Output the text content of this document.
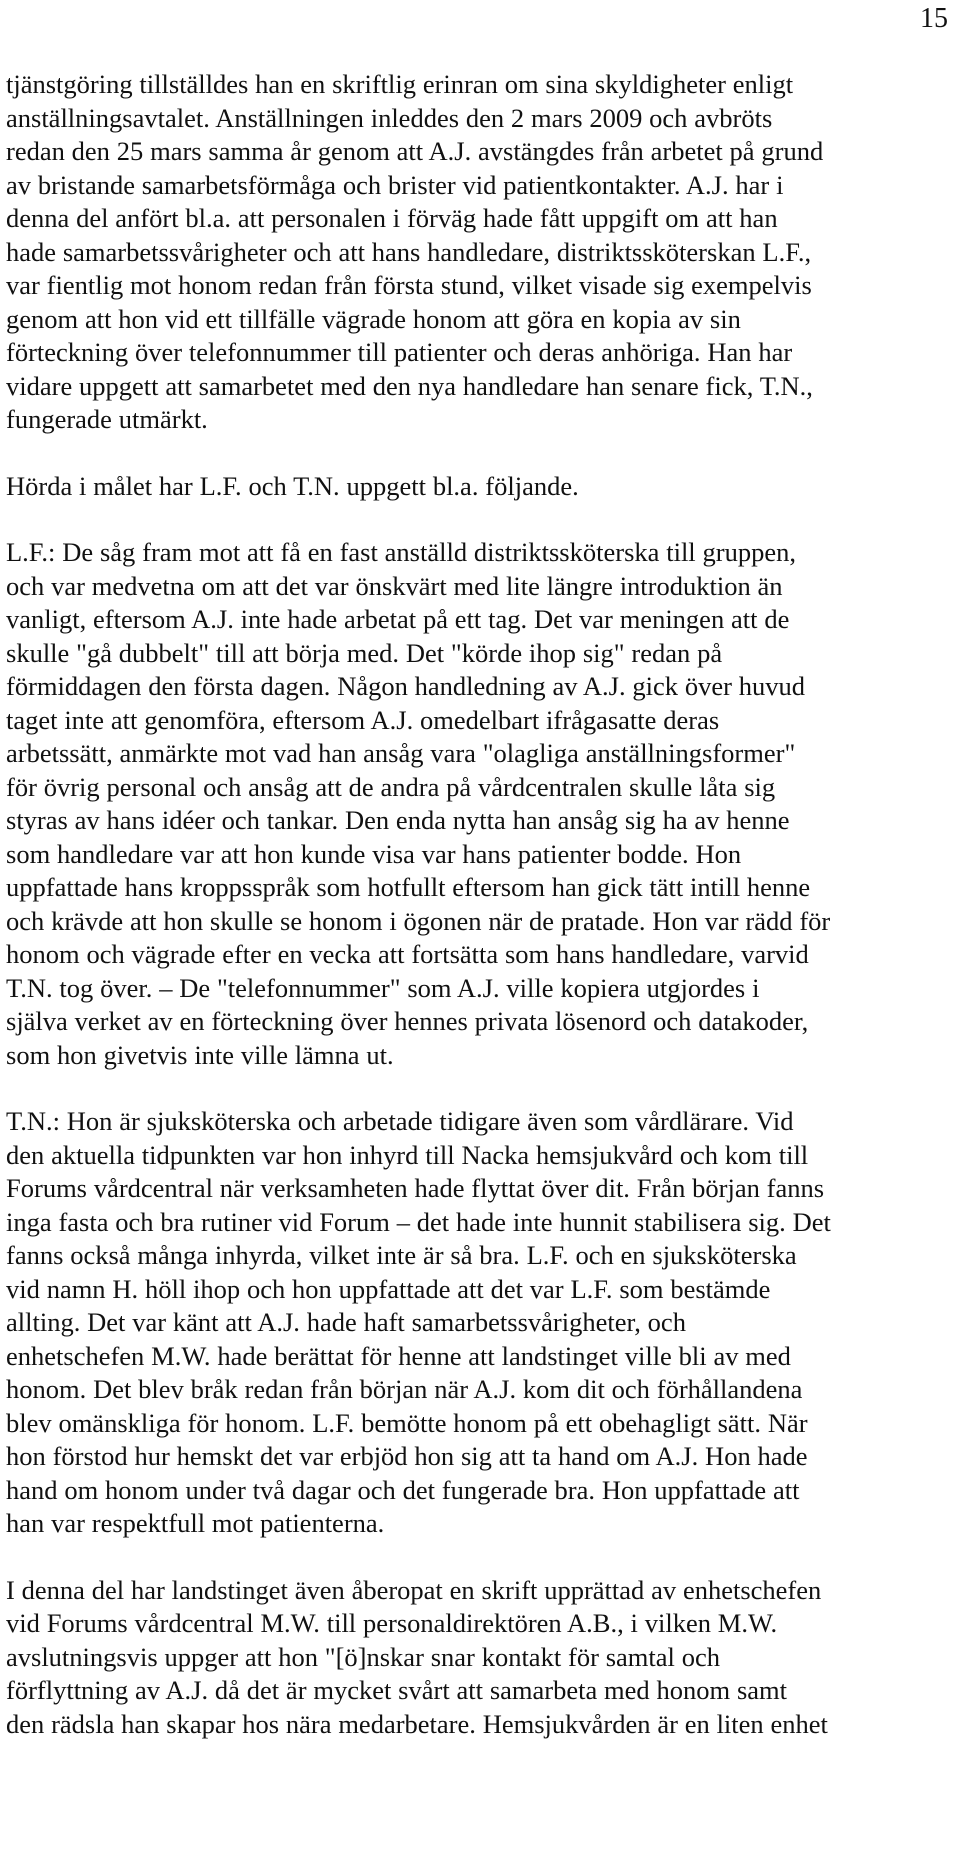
15

tjänstgöring tillställdes han en skriftlig erinran om sina skyldigheter enligt
anställningsavtalet. Anställningen inleddes den 2 mars 2009 och avbröts
redan den 25 mars samma år genom att A.J. avstängdes från arbetet på grund
av bristande samarbetsförmåga och brister vid patientkontakter. A.J. har i
denna del anfört bl.a. att personalen i förväg hade fått uppgift om att han
hade samarbetssvårigheter och att hans handledare, distriktssköterskan L.F.,
var fientlig mot honom redan från första stund, vilket visade sig exempelvis
genom att hon vid ett tillfälle vägrade honom att göra en kopia av sin
förteckning över telefonnummer till patienter och deras anhöriga. Han har
vidare uppgett att samarbetet med den nya handledare han senare fick, T.N.,
fungerade utmärkt.

Hörda i målet har L.F. och T.N. uppgett bl.a. följande.

L.F.: De såg fram mot att få en fast anställd distriktssköterska till gruppen,
och var medvetna om att det var önskvärt med lite längre introduktion än
vanligt, eftersom A.J. inte hade arbetat på ett tag. Det var meningen att de
skulle "gå dubbelt" till att börja med. Det "körde ihop sig" redan på
förmiddagen den första dagen. Någon handledning av A.J. gick över huvud
taget inte att genomföra, eftersom A.J. omedelbart ifrågasatte deras
arbetssätt, anmärkte mot vad han ansåg vara "olagliga anställningsformer"
för övrig personal och ansåg att de andra på vårdcentralen skulle låta sig
styras av hans idéer och tankar. Den enda nytta han ansåg sig ha av henne
som handledare var att hon kunde visa var hans patienter bodde. Hon
uppfattade hans kroppsspråk som hotfullt eftersom han gick tätt intill henne
och krävde att hon skulle se honom i ögonen när de pratade. Hon var rädd för
honom och vägrade efter en vecka att fortsätta som hans handledare, varvid
T.N. tog över. – De "telefonnummer" som A.J. ville kopiera utgjordes i
själva verket av en förteckning över hennes privata lösenord och datakoder,
som hon givetvis inte ville lämna ut.

T.N.: Hon är sjuksköterska och arbetade tidigare även som vårdlärare. Vid
den aktuella tidpunkten var hon inhyrd till Nacka hemsjukvård och kom till
Forums vårdcentral när verksamheten hade flyttat över dit. Från början fanns
inga fasta och bra rutiner vid Forum – det hade inte hunnit stabilisera sig. Det
fanns också många inhyrda, vilket inte är så bra. L.F. och en sjuksköterska
vid namn H. höll ihop och hon uppfattade att det var L.F. som bestämde
allting. Det var känt att A.J. hade haft samarbetssvårigheter, och
enhetschefen M.W. hade berättat för henne att landstinget ville bli av med
honom. Det blev bråk redan från början när A.J. kom dit och förhållandena
blev omänskliga för honom. L.F. bemötte honom på ett obehagligt sätt. När
hon förstod hur hemskt det var erbjöd hon sig att ta hand om A.J. Hon hade
hand om honom under två dagar och det fungerade bra. Hon uppfattade att
han var respektfull mot patienterna.

I denna del har landstinget även åberopat en skrift upprättad av enhetschefen
vid Forums vårdcentral M.W. till personaldirektören A.B., i vilken M.W.
avslutningsvis uppger att hon "[ö]nskar snar kontakt för samtal och
förflyttning av A.J. då det är mycket svårt att samarbeta med honom samt
den rädsla han skapar hos nära medarbetare. Hemsjukvården är en liten enhet
